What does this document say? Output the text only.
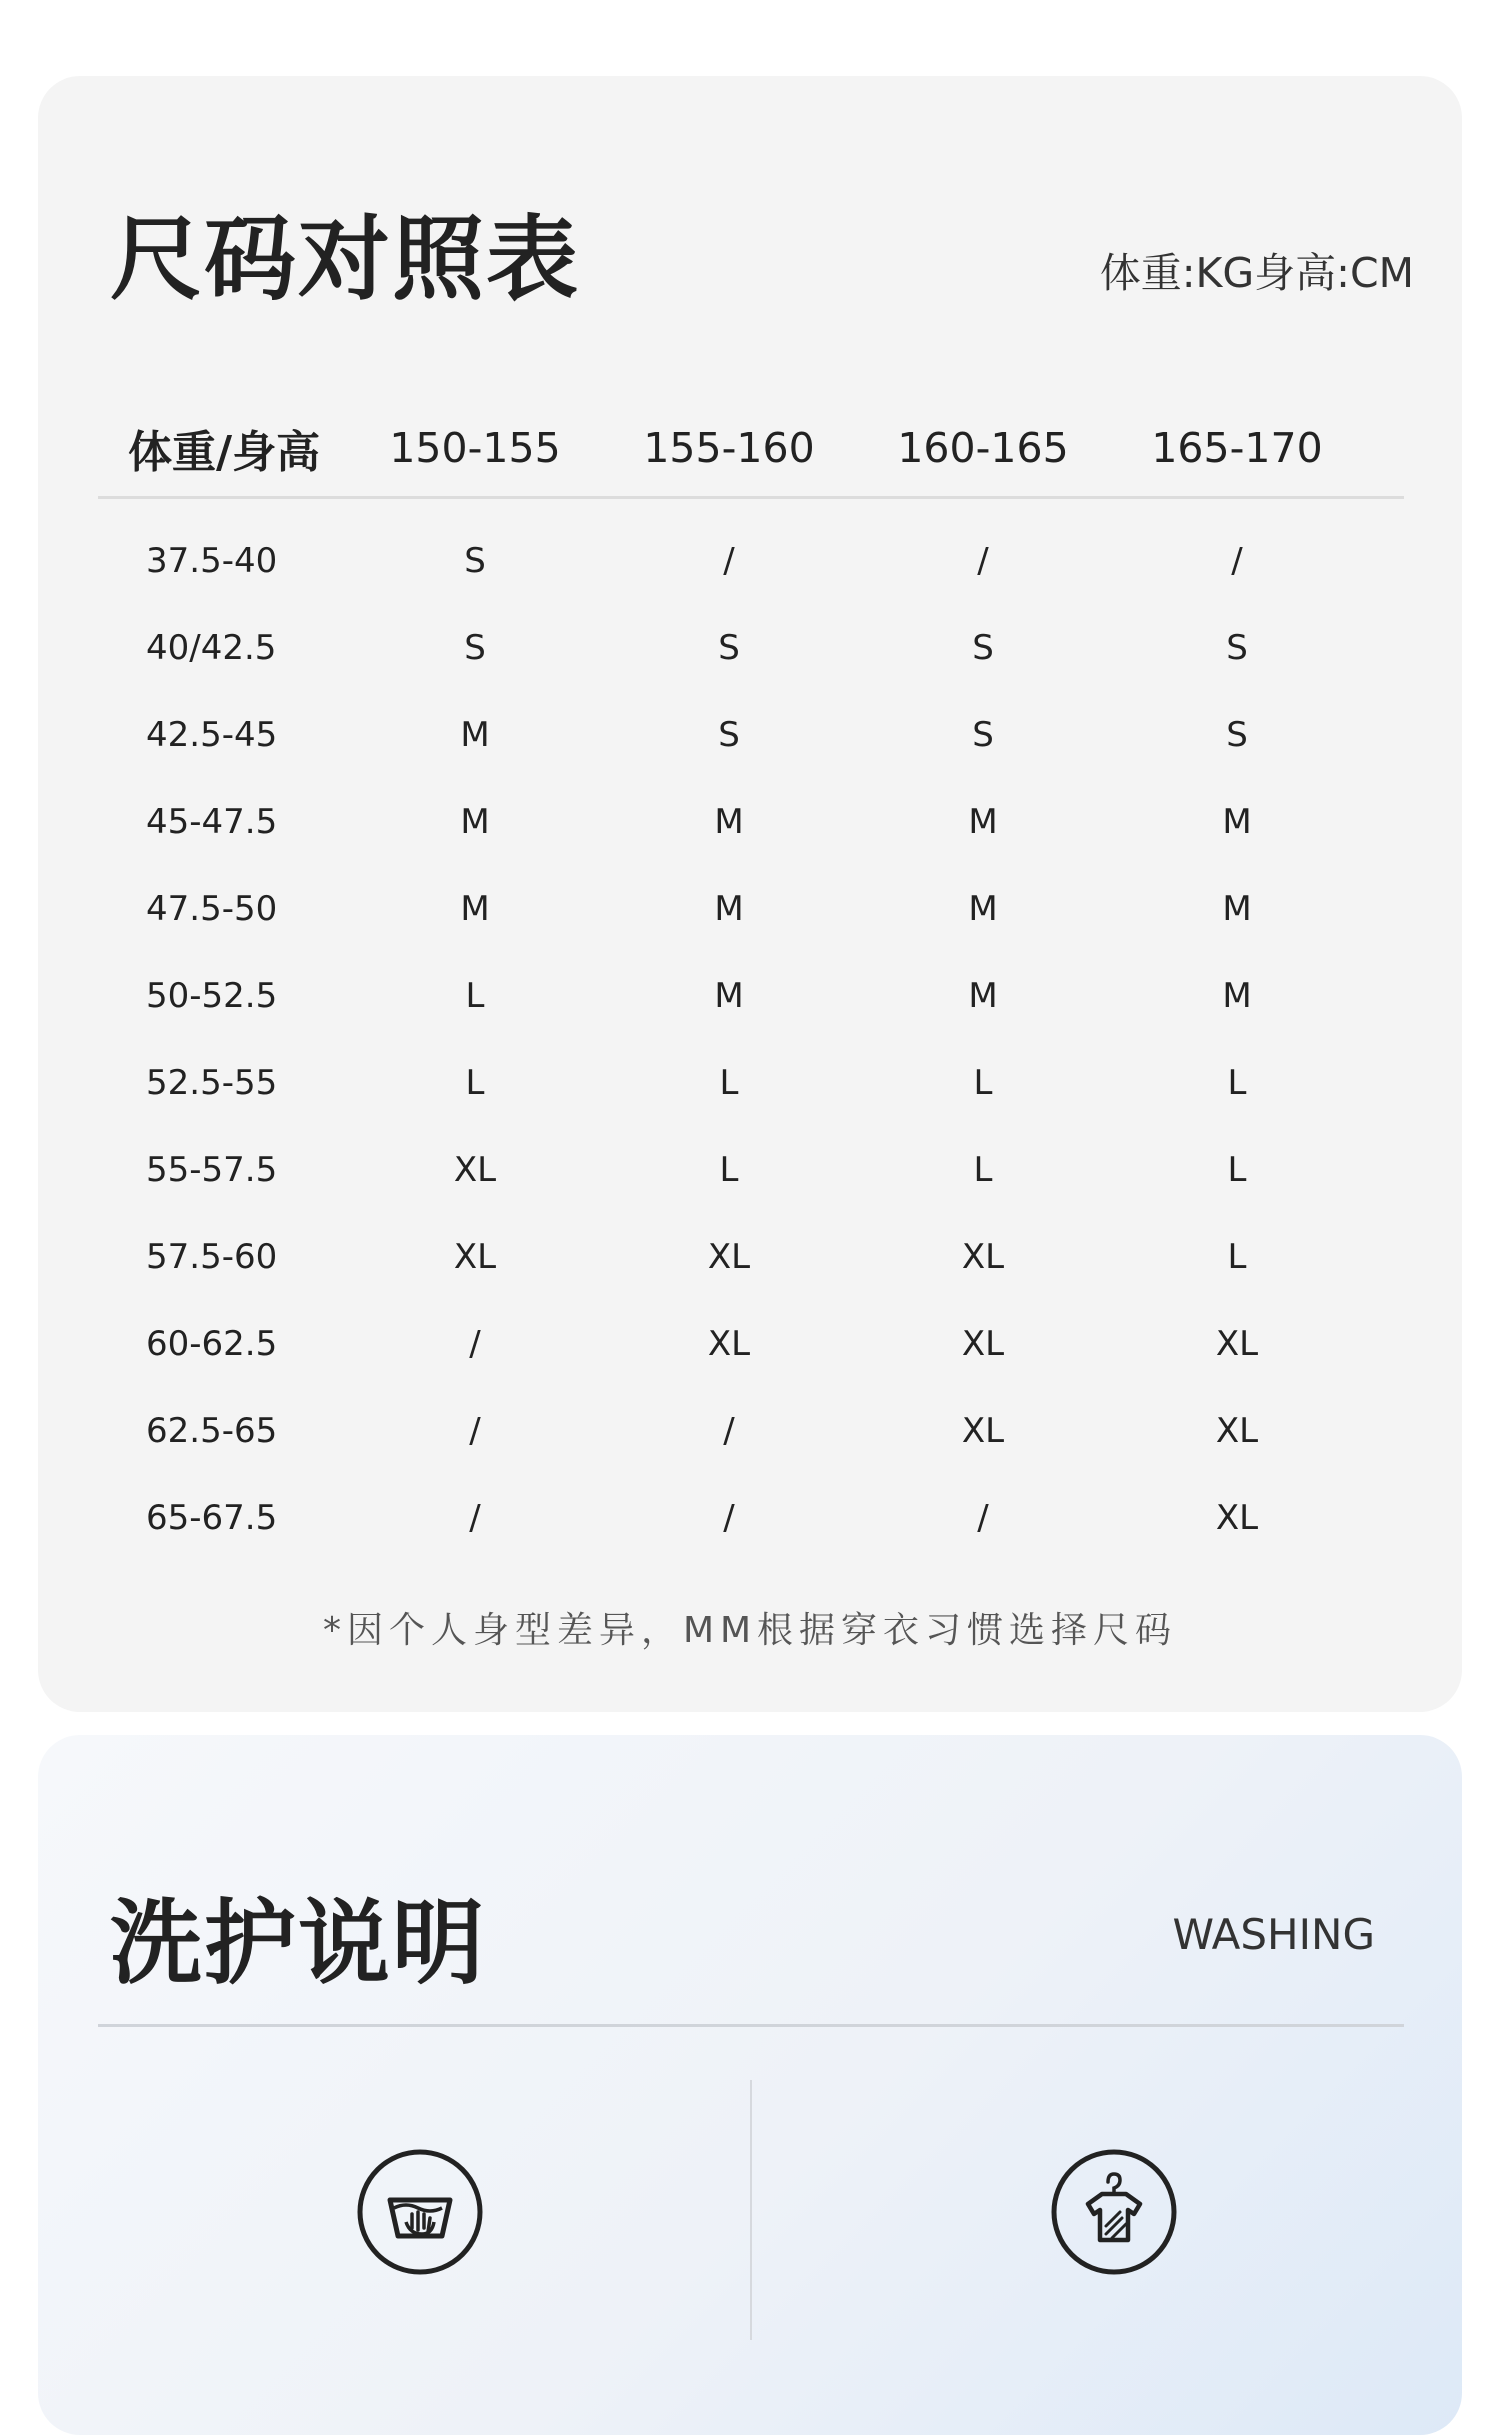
尺码对照表	体重:KG身高:CM
体重/身高	150-155	155-160	160-165	165-170
37.5-40	S	/	/	/
40/42.5	S	S	S	S
42.5-45	M	S	S	S
45-47.5	M	M	M	M
47.5-50	M	M	M	M
50-52.5	L	M	M	M
52.5-55	L	L	L	L
55-57.5	XL	L	L	L
57.5-60	XL	XL	XL	L
60-62.5	/	XL	XL	XL
62.5-65	/	/	XL	XL
65-67.5	/	/	/	XL
*因个人身型差异，MM根据穿衣习惯选择尺码
洗护说明	WASHING
